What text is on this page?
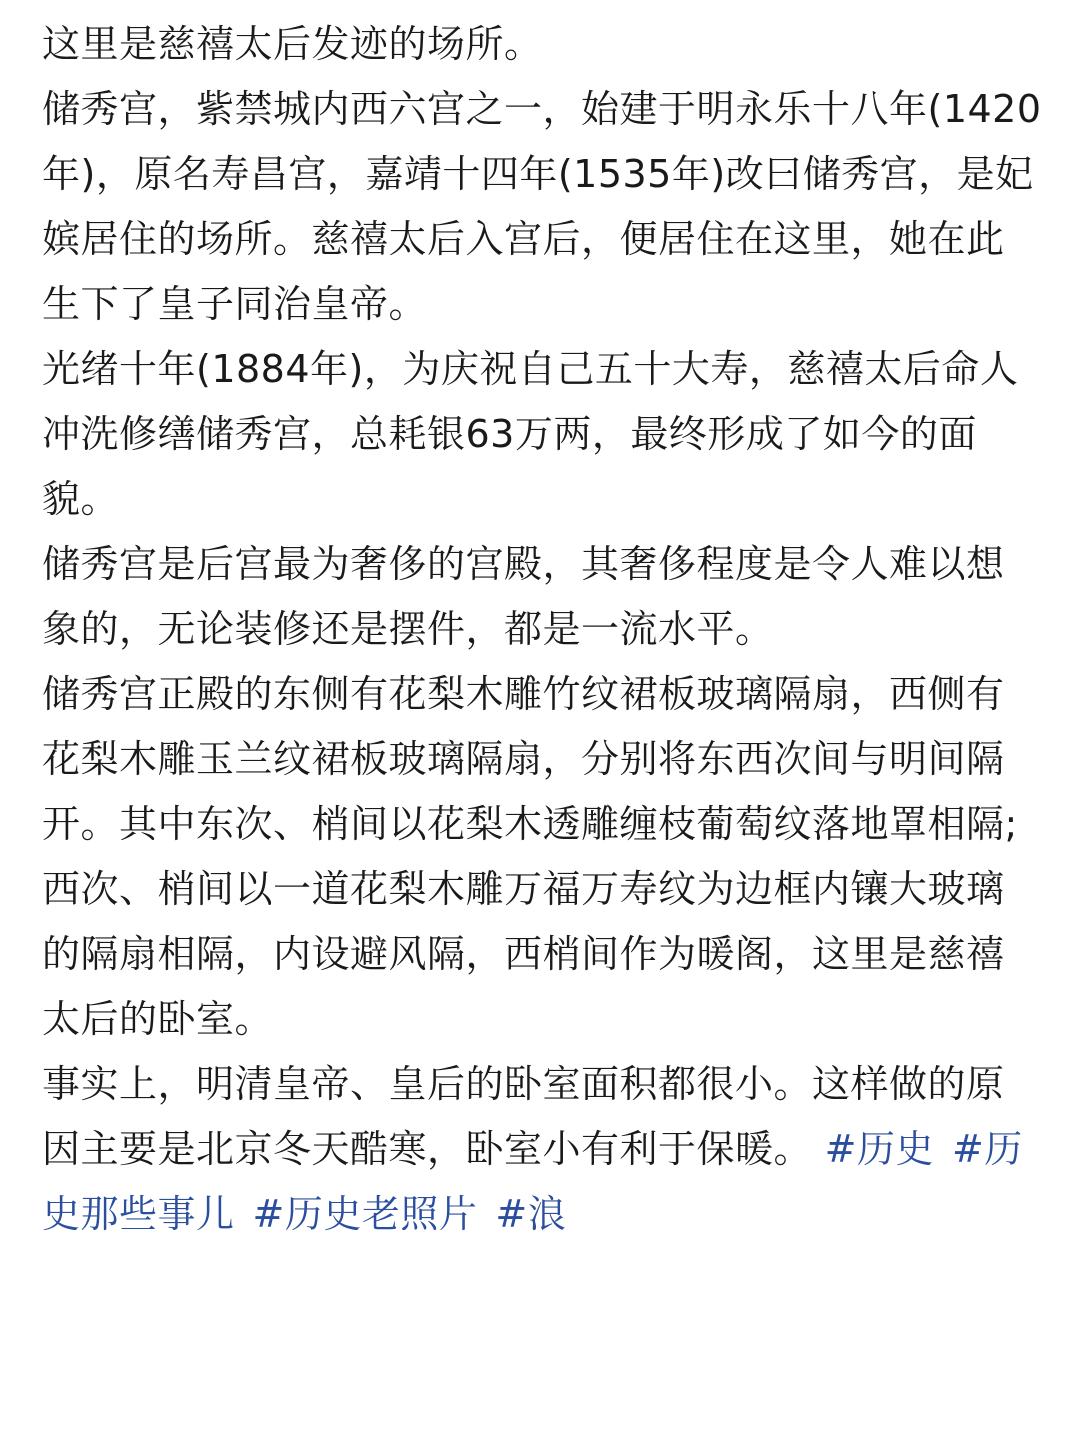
这里是慈禧太后发迹的场所。

储秀宫，紫禁城内西六宫之一，始建于明永乐十八年(1420年)，原名寿昌宫，嘉靖十四年(1535年)改曰储秀宫，是妃嫔居住的场所。慈禧太后入宫后，便居住在这里，她在此生下了皇子同治皇帝。

光绪十年(1884年)，为庆祝自己五十大寿，慈禧太后命人冲洗修缮储秀宫，总耗银63万两，最终形成了如今的面貌。

储秀宫是后宫最为奢侈的宫殿，其奢侈程度是令人难以想象的，无论装修还是摆件，都是一流水平。

储秀宫正殿的东侧有花梨木雕竹纹裙板玻璃隔扇，西侧有花梨木雕玉兰纹裙板玻璃隔扇，分别将东西次间与明间隔开。其中东次、梢间以花梨木透雕缠枝葡萄纹落地罩相隔;西次、梢间以一道花梨木雕万福万寿纹为边框内镶大玻璃的隔扇相隔，内设避风隔，西梢间作为暖阁，这里是慈禧太后的卧室。

事实上，明清皇帝、皇后的卧室面积都很小。这样做的原因主要是北京冬天酷寒，卧室小有利于保暖。 #历史 #历史那些事儿 #历史老照片 #浪
